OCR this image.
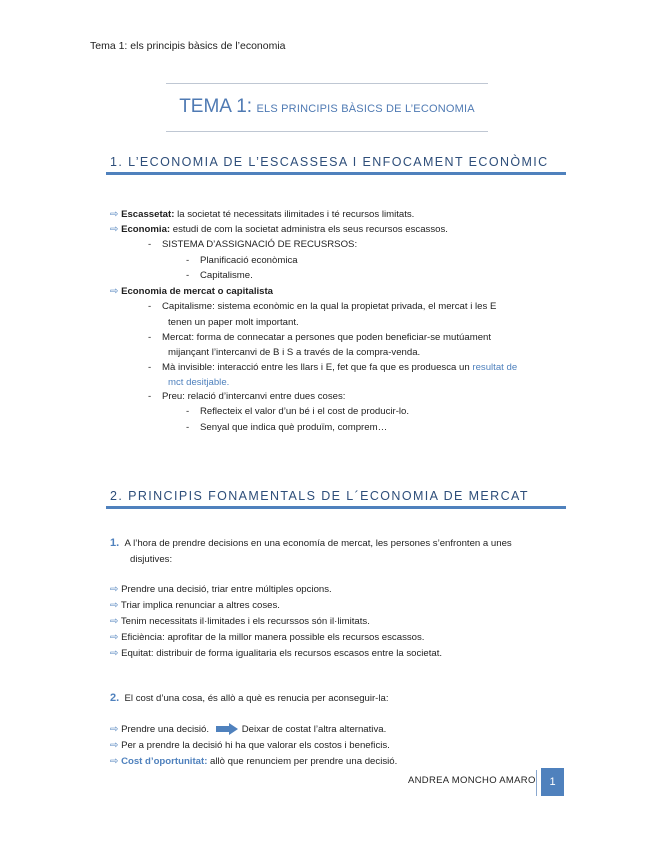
Tema 1: els principis bàsics de l’economia
TEMA 1: ELS PRINCIPIS BÀSICS DE L’ECONOMIA
1. L’ECONOMIA DE L’ESCASSESA I ENFOCAMENT ECONÒMIC
⇨ Escassetat: la societat té necessitats ilimitades i té recursos limitats.
⇨ Economia: estudi de com la societat administra els seus recursos escassos.
- SISTEMA D’ASSIGNACIÓ DE RECUSRSOS:
- Planificació econòmica
- Capitalisme.
⇨ Economia de mercat o capitalista
- Capitalisme: sistema econòmic en la qual la propietat privada, el mercat i les E
tenen un paper molt important.
- Mercat: forma de connecatar a persones que poden beneficiar-se mutúament
mijançant l’intercanvi de B i S a través de la compra-venda.
- Mà invisible: interacció entre les llars i E, fet que fa que es produesca un resultat de
mct desitjable.
- Preu: relació d’intercanvi entre dues coses:
- Reflecteix el valor d’un bé i el cost de producir-lo.
- Senyal que indica què produïm, comprem…
2. PRINCIPIS FONAMENTALS DE L´ECONOMIA DE MERCAT
1. A l’hora de prendre decisions en una economía de mercat, les persones s’enfronten a unes
disjutives:
⇨ Prendre una decisió, triar entre múltiples opcions.
⇨ Triar implica renunciar a altres coses.
⇨ Tenim necessitats il·limitades i els recurssos són il·limitats.
⇨ Eficiència: aprofitar de la millor manera possible els recursos escassos.
⇨ Equitat: distribuir de forma igualitaria els recursos escasos entre la societat.
2. El cost d’una cosa, és allò a què es renucia per aconseguir-la:
⇨ Prendre una decisió.	Deixar de costat l’altra alternativa.
⇨ Per a prendre la decisió hi ha que valorar els costos i beneficis.
⇨ Cost d’oportunitat: allò que renunciem per prendre una decisió.
ANDREA MONCHO AMARO	1
